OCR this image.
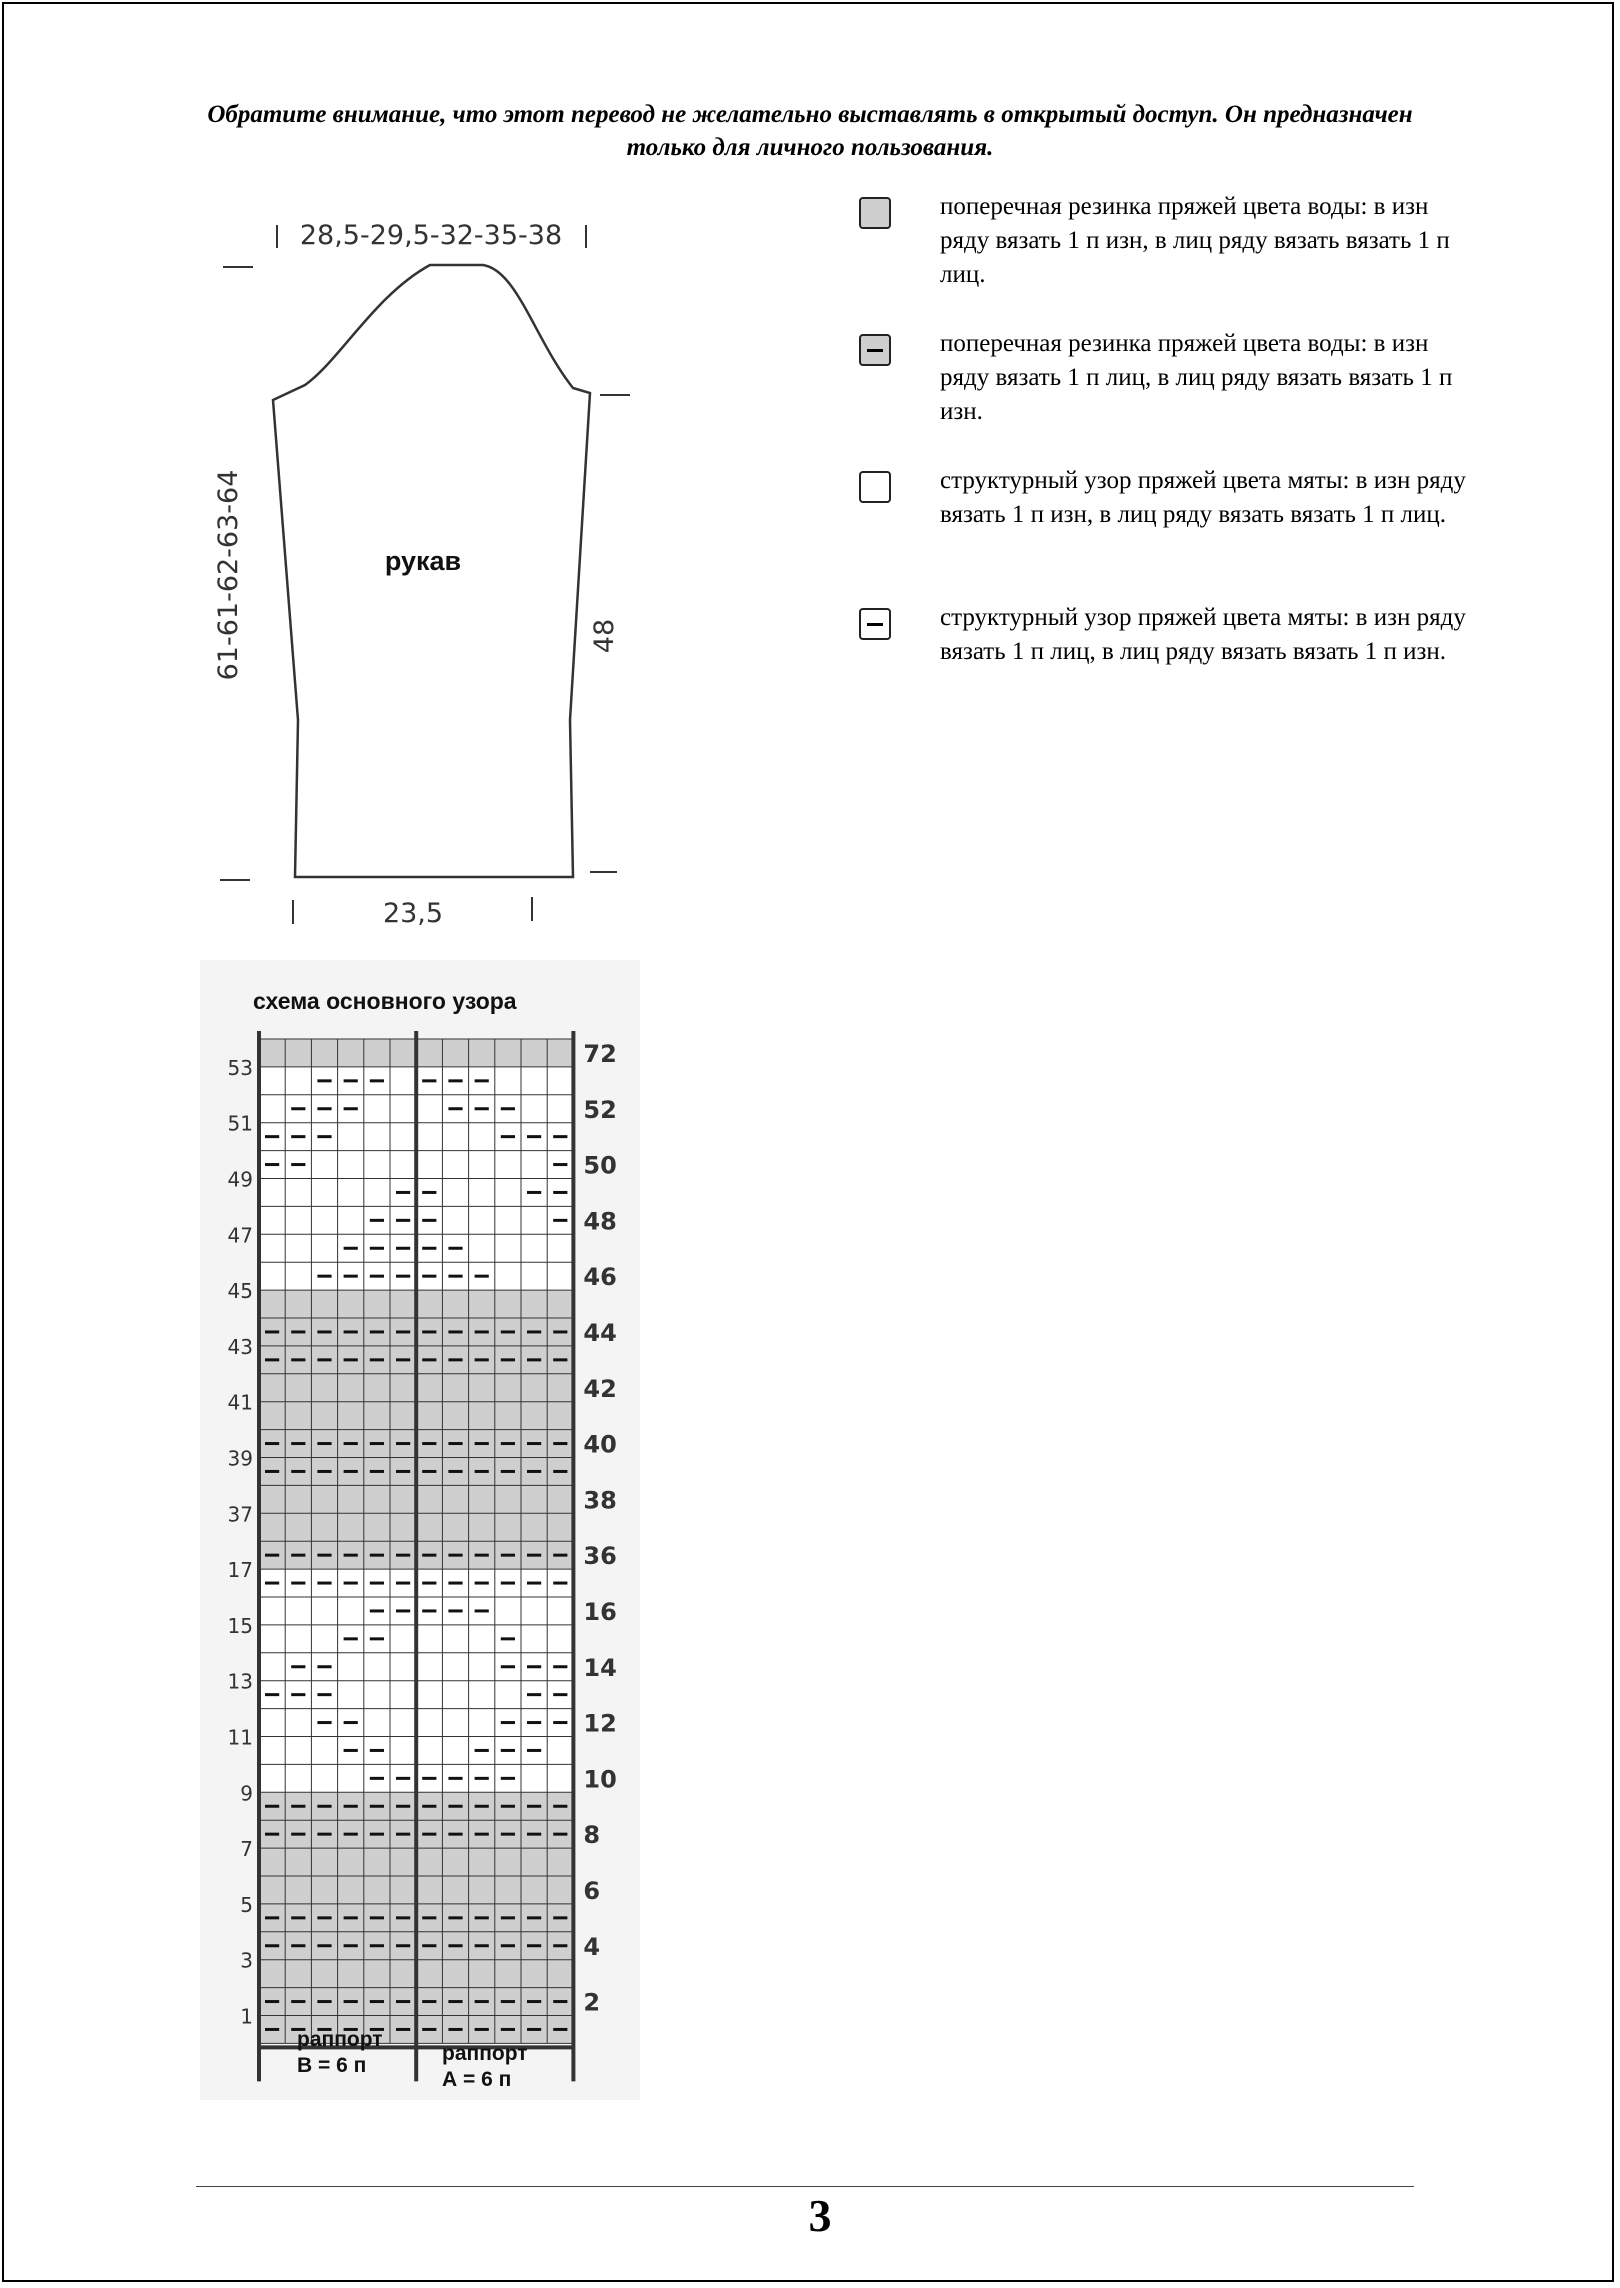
Обратите внимание, что этот перевод не желательно выставлять в открытый доступ. Он предназначен только для личного пользования.
28,5-29,5-32-35-38
61-61-62-63-64	48
рукав
23,5
поперечная резинка пряжей цвета воды: в изн ряду вязать 1 п изн, в лиц ряду вязать вязать 1 п лиц.
поперечная резинка пряжей цвета воды: в изн ряду вязать 1 п лиц, в лиц ряду вязать вязать 1 п изн.
структурный узор пряжей цвета мяты: в изн ряду вязать 1 п изн, в лиц ряду вязать вязать 1 п лиц.
структурный узор пряжей цвета мяты: в изн ряду вязать 1 п лиц, в лиц ряду вязать вязать 1 п изн.
схема основного узора
53
51
49
47
45
43
41
39
37
17
15
13
11
9
7
5
3
1
72
52
50
48
46
44
42
40
38
36
16
14
12
10
8
6
4
2
раппорт
В = 6 п
раппорт
А = 6 п
3
